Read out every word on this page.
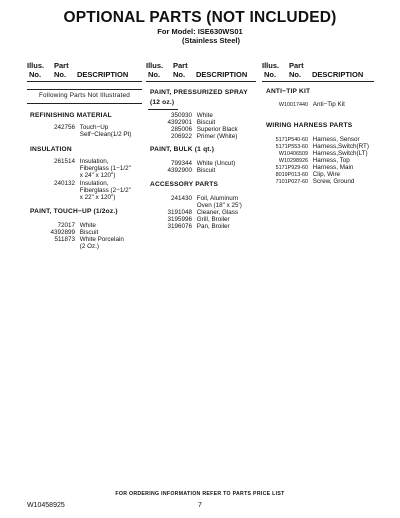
OPTIONAL PARTS (NOT INCLUDED)
For Model: ISE630WS01
(Stainless Steel)
Illus.
No.
Part
No. DESCRIPTION
Following Parts Not Illustrated
REFINISHING MATERIAL
242756 Touch−Up
Self−Clean(1/2 Pt)
INSULATION
261514 Insulation,
Fiberglass (1−1/2"
x 24" x 120")
240132 Insulation,
Fiberglass (2−1/2"
x 22" x 120")
PAINT, TOUCH−UP (1/2oz.)
72017 White
4392899 Biscuit
511873 White Porcelain
(2 Oz.)
Illus.
No.
Part
No. DESCRIPTION
PAINT, PRESSURIZED SPRAY
(12 oz.)
350930 White
4392901 Biscuit
285006 Superior Black
206922 Primer (White)
PAINT, BULK (1 qt.)
799344 White (Uncut)
4392900 Biscuit
ACCESSORY PARTS
241430 Foil, Aluminum
Oven (18" x 25')
3191048 Cleaner, Glass
3195996 Grill, Broiler
3196076 Pan, Broiler
Illus.
No.
Part
No. DESCRIPTION
ANTI−TIP KIT
W10017440 Anti−Tip Kit
WIRING HARNESS PARTS
5171P540-60 Harness, Sensor
5171P553-60 Harness,Switch(RT)
W10406509 Harness,Switch(LT)
W10298926 Harness, Top
5171P929-60 Harness, Main
8019P013-60 Clip, Wire
7101P027-60 Screw, Ground
FOR ORDERING INFORMATION REFER TO PARTS PRICE LIST
W10458925	7
